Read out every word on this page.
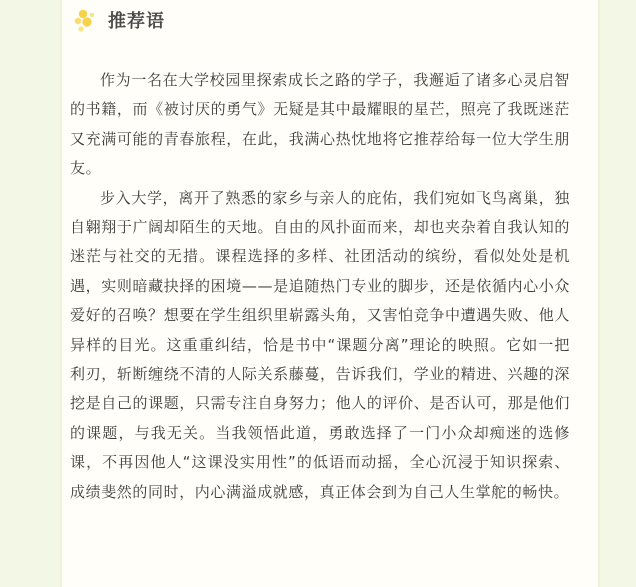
推荐语

作为一名在大学校园里探索成长之路的学子，我邂逅了诸多心灵启智的书籍，而《被讨厌的勇气》无疑是其中最耀眼的星芒，照亮了我既迷茫又充满可能的青春旅程，在此，我满心热忱地将它推荐给每一位大学生朋友。

步入大学，离开了熟悉的家乡与亲人的庇佑，我们宛如飞鸟离巢，独自翱翔于广阔却陌生的天地。自由的风扑面而来，却也夹杂着自我认知的迷茫与社交的无措。课程选择的多样、社团活动的缤纷，看似处处是机遇，实则暗藏抉择的困境——是追随热门专业的脚步，还是依循内心小众爱好的召唤？想要在学生组织里崭露头角，又害怕竞争中遭遇失败、他人异样的目光。这重重纠结，恰是书中“课题分离”理论的映照。它如一把利刃，斩断缠绕不清的人际关系藤蔓，告诉我们，学业的精进、兴趣的深挖是自己的课题，只需专注自身努力；他人的评价、是否认可，那是他们的课题，与我无关。当我领悟此道，勇敢选择了一门小众却痴迷的选修课，不再因他人“这课没实用性”的低语而动摇，全心沉浸于知识探索、成绩斐然的同时，内心满溢成就感，真正体会到为自己人生掌舵的畅快。
